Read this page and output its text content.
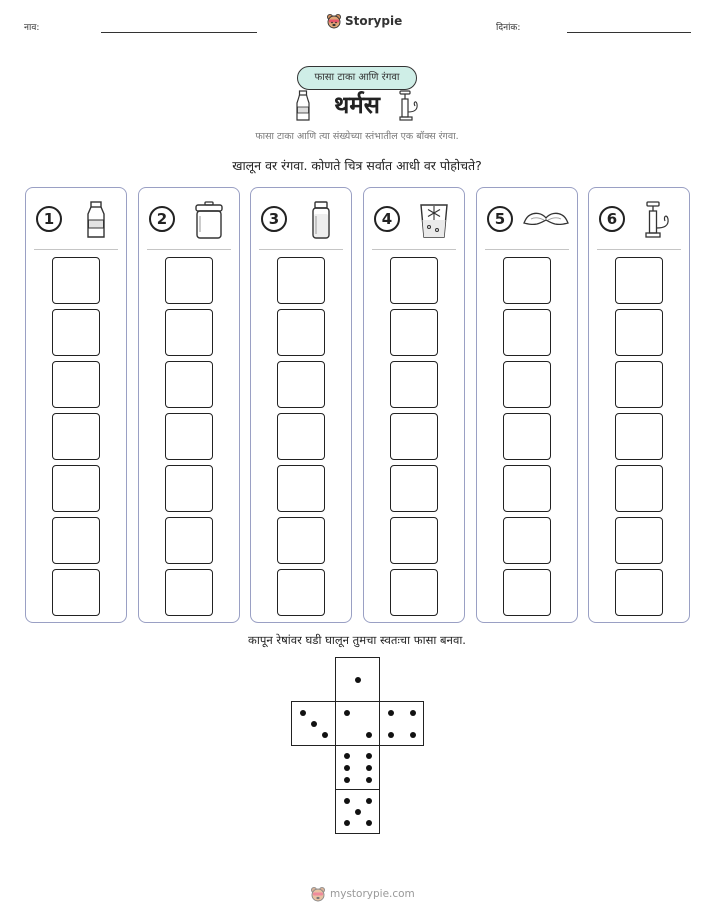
नाव:	Storypie	दिनांक:
फासा टाका आणि रंगवा
थर्मस
फासा टाका आणि त्या संख्येच्या स्तंभातील एक बॉक्स रंगवा.
खालून वर रंगवा. कोणते चित्र सर्वात आधी वर पोहोचते?
1	2	3	4	5	6
कापून रेषांवर घडी घालून तुमचा स्वतःचा फासा बनवा.
mystorypie.com
